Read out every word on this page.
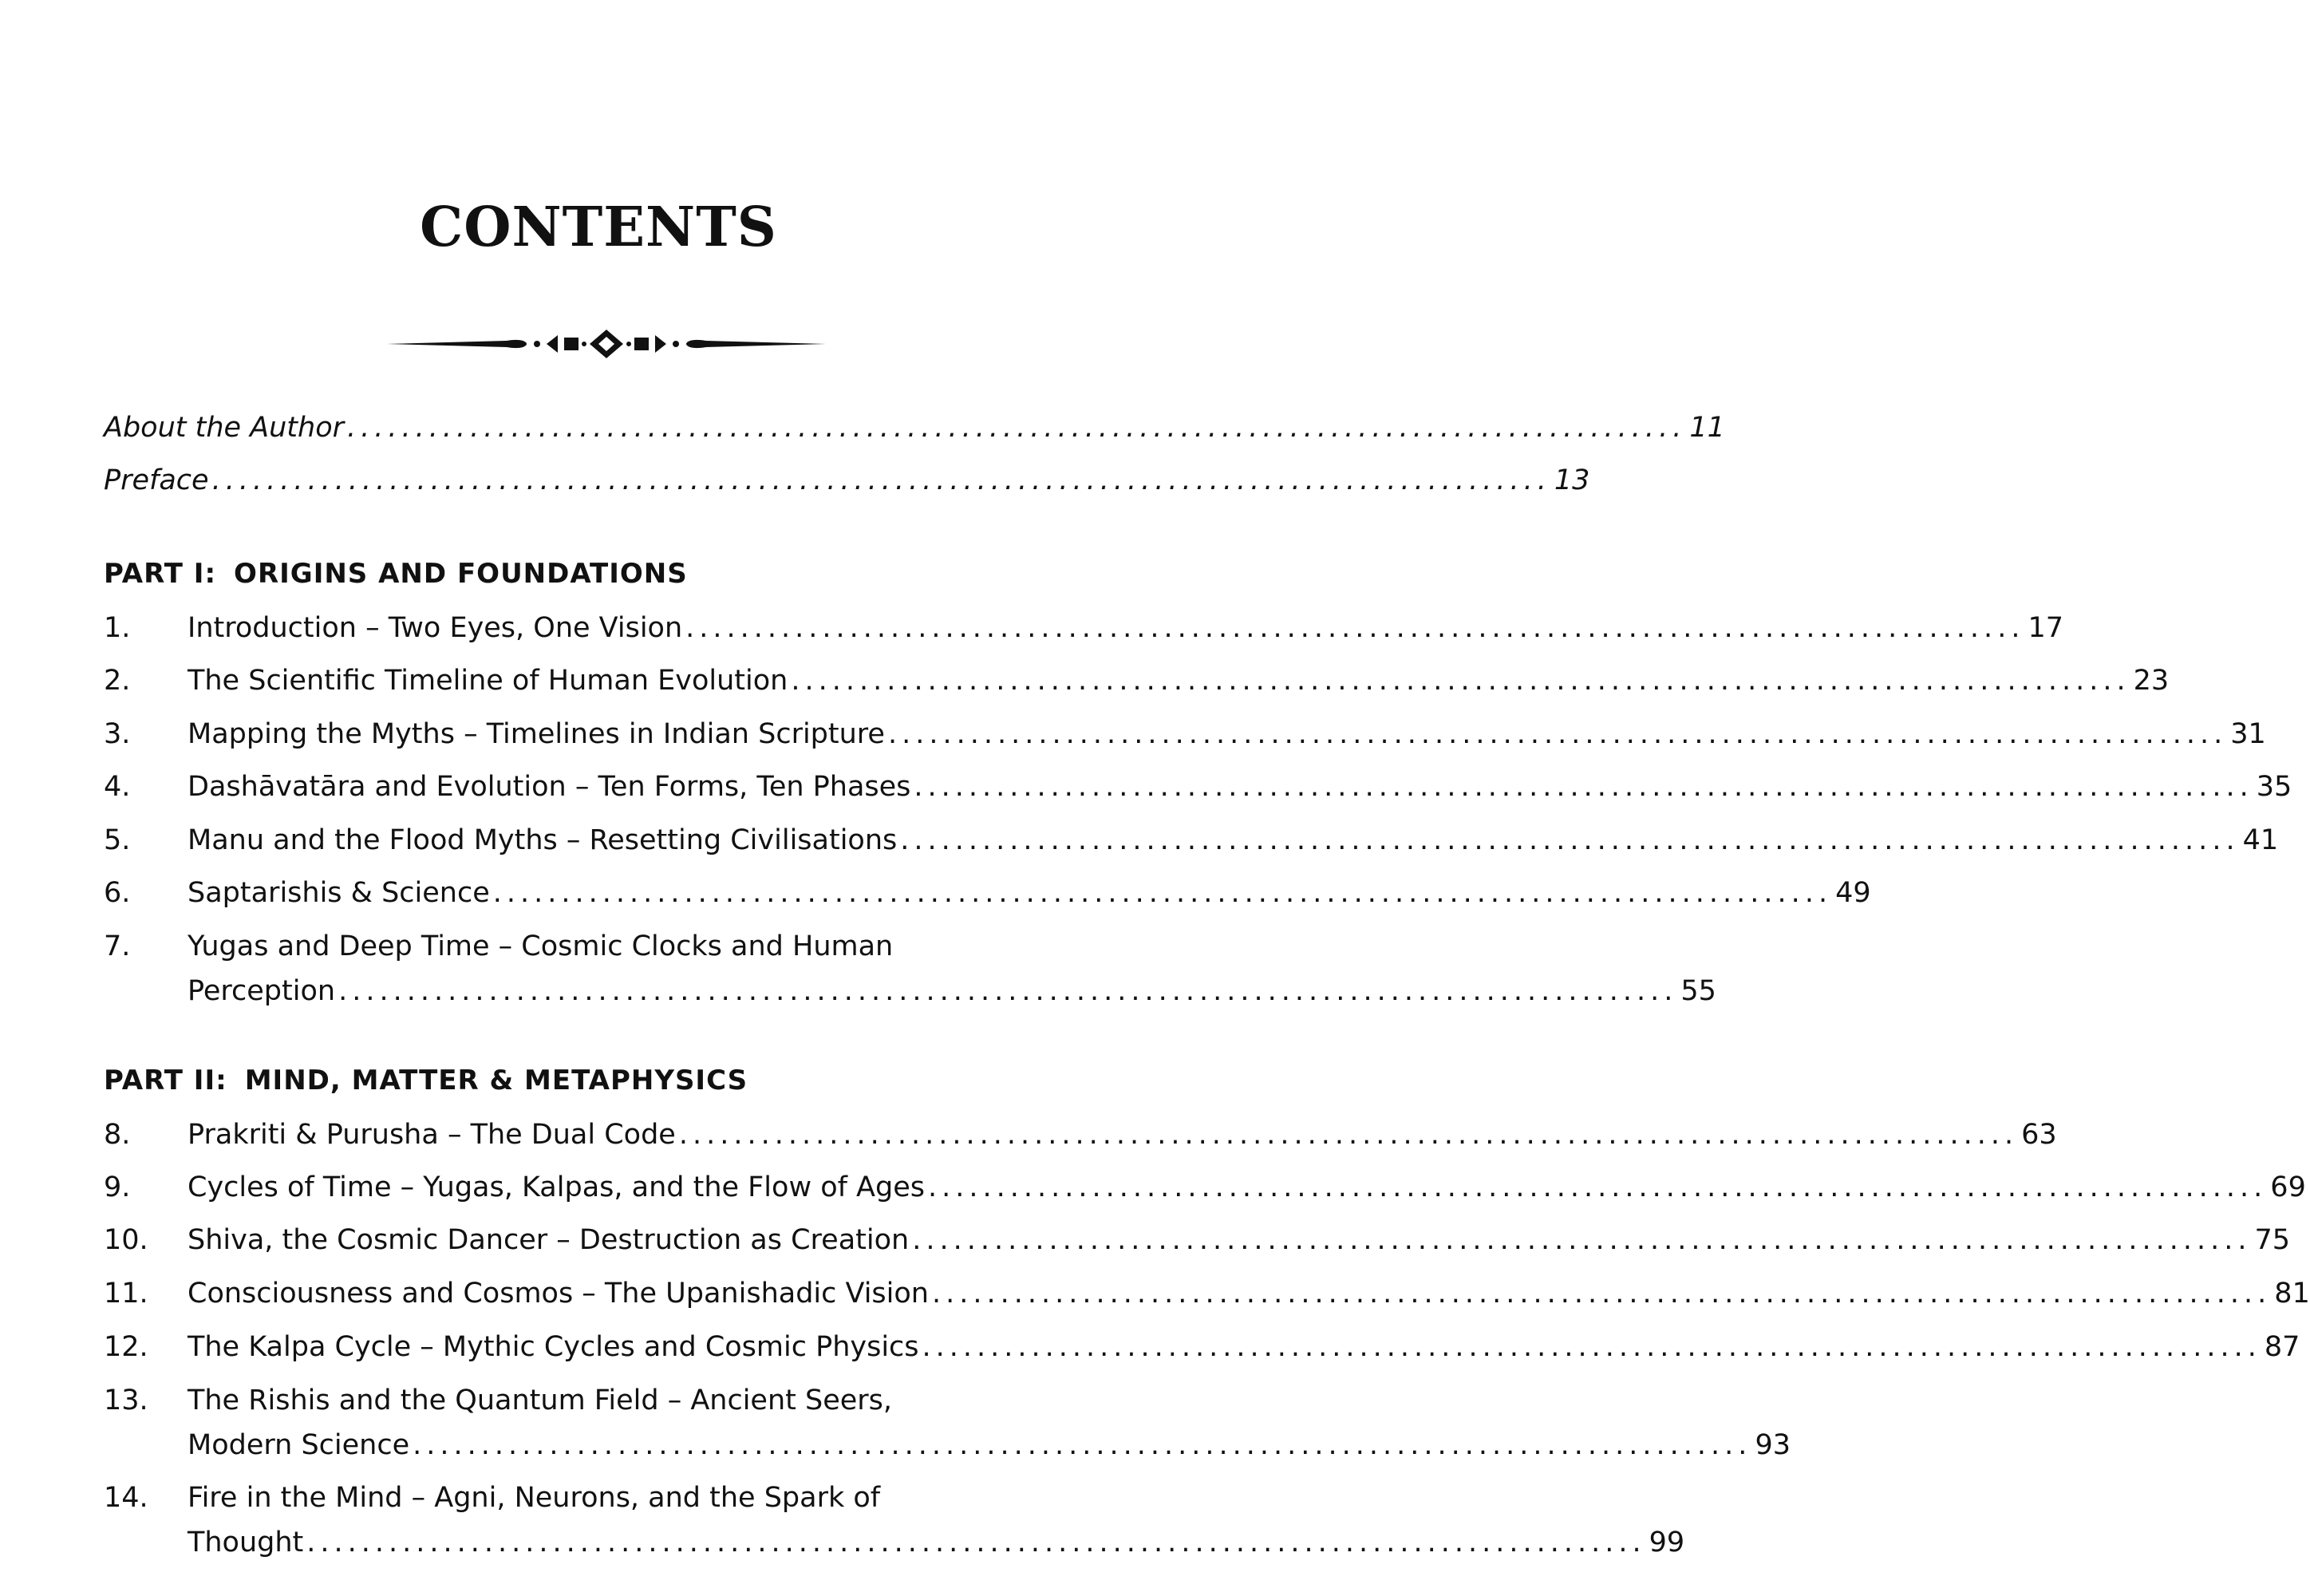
CONTENTS
About the Author .................................................................................................. 11
Preface .................................................................................................. 13
PART I: ORIGINS AND FOUNDATIONS
1.	Introduction – Two Eyes, One Vision .................................................................................................. 17
2.	The Scientific Timeline of Human Evolution .................................................................................................. 23
3.	Mapping the Myths – Timelines in Indian Scripture .................................................................................................. 31
4.	Dashāvatāra and Evolution – Ten Forms, Ten Phases .................................................................................................. 35
5.	Manu and the Flood Myths – Resetting Civilisations .................................................................................................. 41
6.	Saptarishis & Science .................................................................................................. 49
7.	Yugas and Deep Time – Cosmic Clocks and Human
Perception .................................................................................................. 55
PART II: MIND, MATTER & METAPHYSICS
8.	Prakriti & Purusha – The Dual Code .................................................................................................. 63
9.	Cycles of Time – Yugas, Kalpas, and the Flow of Ages .................................................................................................. 69
10.	Shiva, the Cosmic Dancer – Destruction as Creation .................................................................................................. 75
11.	Consciousness and Cosmos – The Upanishadic Vision .................................................................................................. 81
12.	The Kalpa Cycle – Mythic Cycles and Cosmic Physics .................................................................................................. 87
13.	The Rishis and the Quantum Field – Ancient Seers,
Modern Science .................................................................................................. 93
14.	Fire in the Mind – Agni, Neurons, and the Spark of
Thought .................................................................................................. 99
